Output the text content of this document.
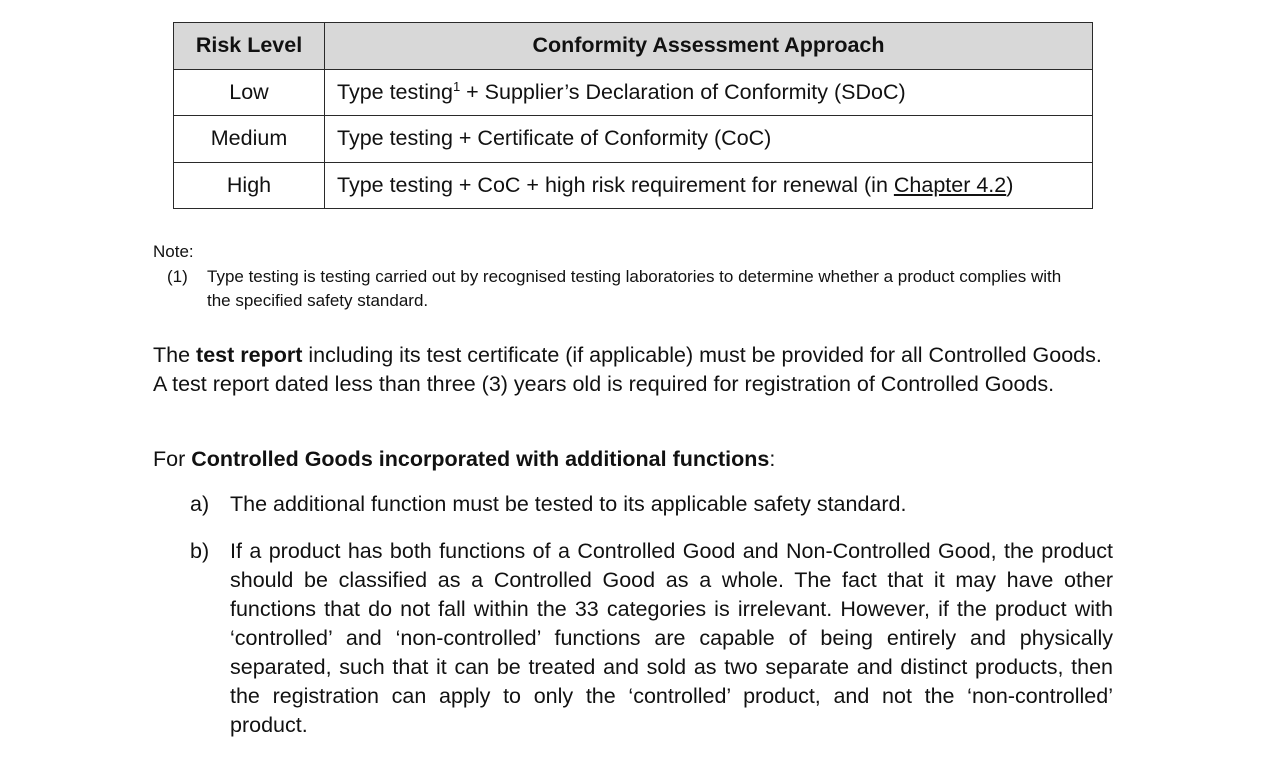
Risk Level	Conformity Assessment Approach
Low	Type testing$^1$ + Supplier’s Declaration of Conformity (SDoC)
Medium	Type testing + Certificate of Conformity (CoC)
High	Type testing + CoC + high risk requirement for renewal (in Chapter 4.2)

Note:

(1) Type testing is testing carried out by recognised testing laboratories to determine whether a product complies with the specified safety standard.

The test report including its test certificate (if applicable) must be provided for all Controlled Goods. A test report dated less than three (3) years old is required for registration of Controlled Goods.

For Controlled Goods incorporated with additional functions:

a) The additional function must be tested to its applicable safety standard.
b) If a product has both functions of a Controlled Good and Non-Controlled Good, the product should be classified as a Controlled Good as a whole. The fact that it may have other functions that do not fall within the 33 categories is irrelevant. However, if the product with ‘controlled’ and ‘non-controlled’ functions are capable of being entirely and physically separated, such that it can be treated and sold as two separate and distinct products, then the registration can apply to only the ‘controlled’ product, and not the ‘non-controlled’ product.
